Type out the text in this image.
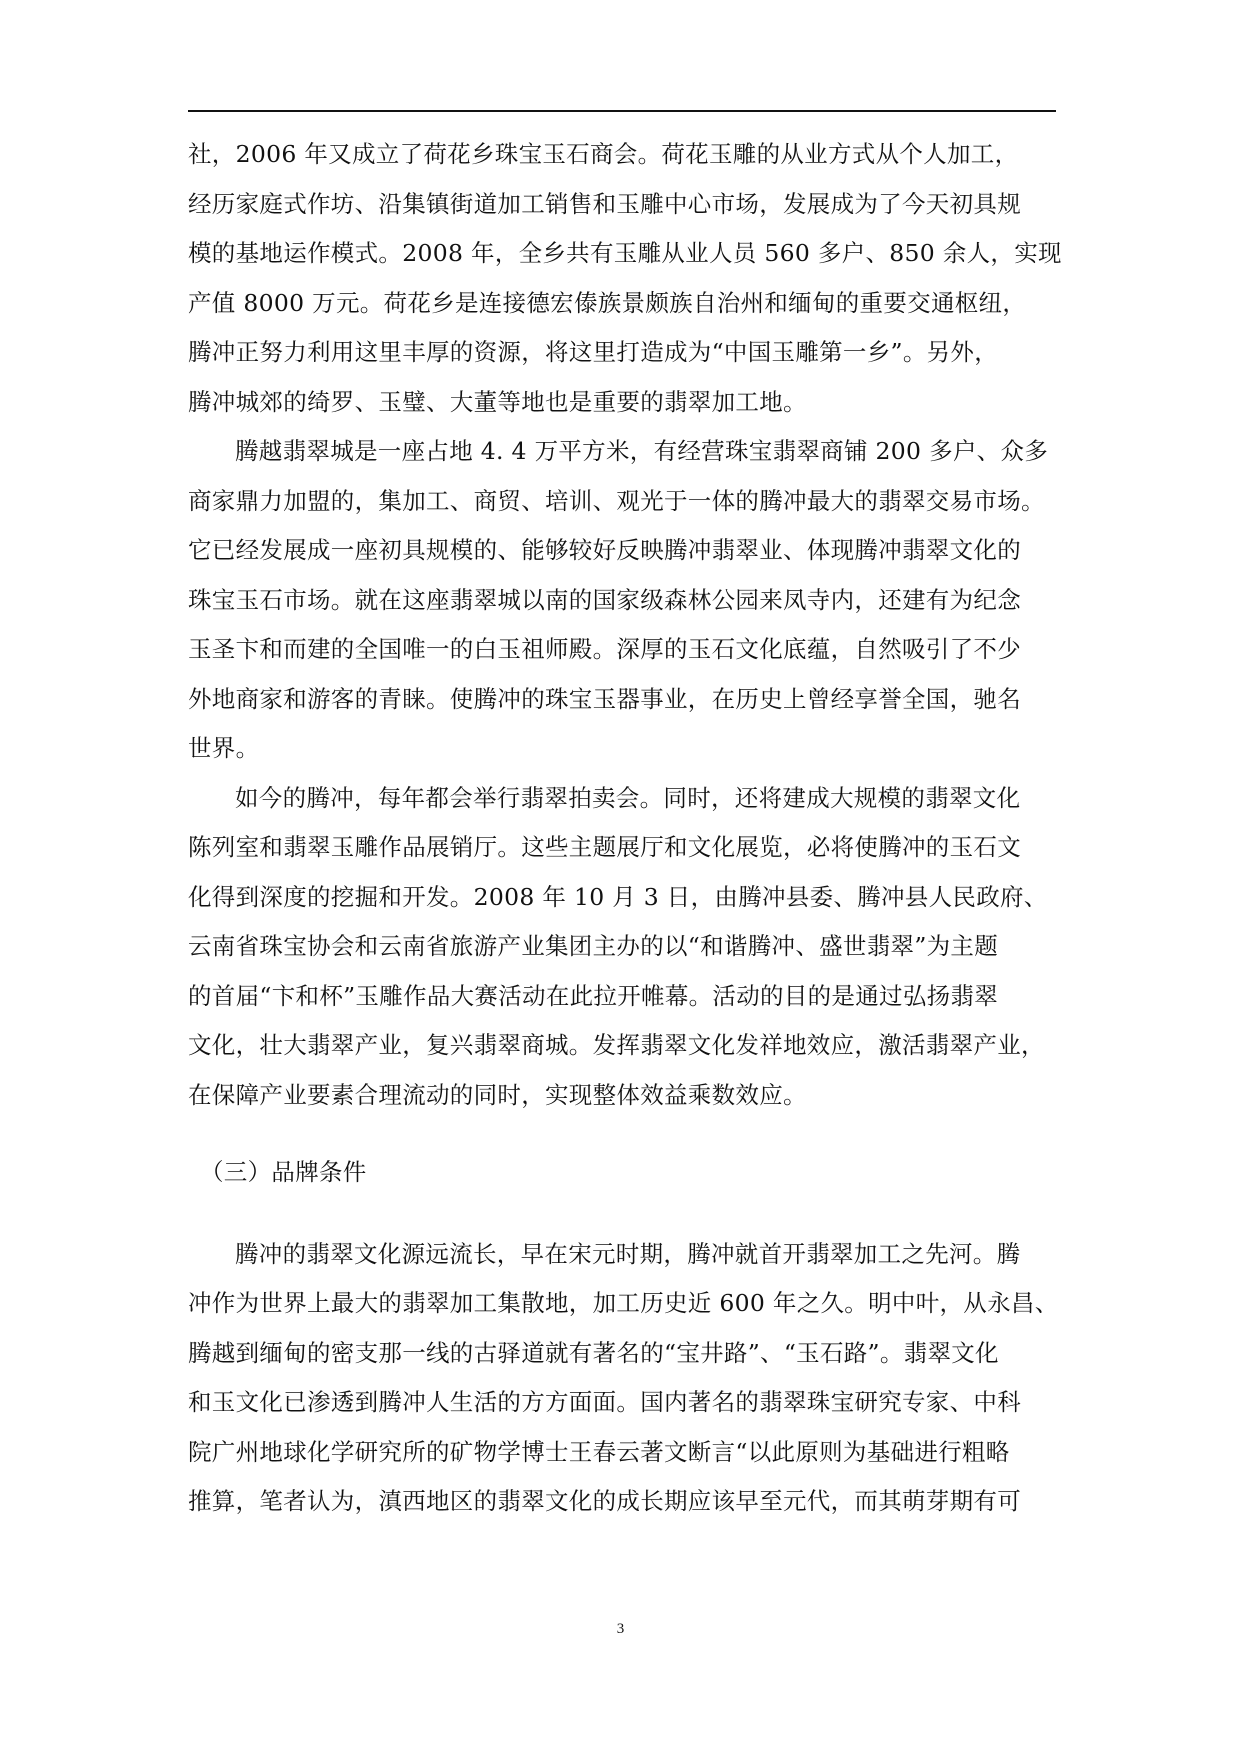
社，2006 年又成立了荷花乡珠宝玉石商会。荷花玉雕的从业方式从个人加工，
经历家庭式作坊、沿集镇街道加工销售和玉雕中心市场，发展成为了今天初具规
模的基地运作模式。2008 年，全乡共有玉雕从业人员 560 多户、850 余人，实现
产值 8000 万元。荷花乡是连接德宏傣族景颇族自治州和缅甸的重要交通枢纽，
腾冲正努力利用这里丰厚的资源，将这里打造成为“中国玉雕第一乡”。另外，
腾冲城郊的绮罗、玉璧、大董等地也是重要的翡翠加工地。
腾越翡翠城是一座占地 4. 4 万平方米，有经营珠宝翡翠商铺 200 多户、众多
商家鼎力加盟的，集加工、商贸、培训、观光于一体的腾冲最大的翡翠交易市场。
它已经发展成一座初具规模的、能够较好反映腾冲翡翠业、体现腾冲翡翠文化的
珠宝玉石市场。就在这座翡翠城以南的国家级森林公园来凤寺内，还建有为纪念
玉圣卞和而建的全国唯一的白玉祖师殿。深厚的玉石文化底蕴，自然吸引了不少
外地商家和游客的青睐。使腾冲的珠宝玉器事业，在历史上曾经享誉全国，驰名
世界。
如今的腾冲，每年都会举行翡翠拍卖会。同时，还将建成大规模的翡翠文化
陈列室和翡翠玉雕作品展销厅。这些主题展厅和文化展览，必将使腾冲的玉石文
化得到深度的挖掘和开发。2008 年 10 月 3 日，由腾冲县委、腾冲县人民政府、
云南省珠宝协会和云南省旅游产业集团主办的以“和谐腾冲、盛世翡翠”为主题
的首届“卞和杯”玉雕作品大赛活动在此拉开帷幕。活动的目的是通过弘扬翡翠
文化，壮大翡翠产业，复兴翡翠商城。发挥翡翠文化发祥地效应，激活翡翠产业，
在保障产业要素合理流动的同时，实现整体效益乘数效应。
（三）品牌条件
腾冲的翡翠文化源远流长，早在宋元时期，腾冲就首开翡翠加工之先河。腾
冲作为世界上最大的翡翠加工集散地，加工历史近 600 年之久。明中叶，从永昌、
腾越到缅甸的密支那一线的古驿道就有著名的“宝井路”、“玉石路”。翡翠文化
和玉文化已渗透到腾冲人生活的方方面面。国内著名的翡翠珠宝研究专家、中科
院广州地球化学研究所的矿物学博士王春云著文断言“以此原则为基础进行粗略
推算，笔者认为，滇西地区的翡翠文化的成长期应该早至元代，而其萌芽期有可
3
